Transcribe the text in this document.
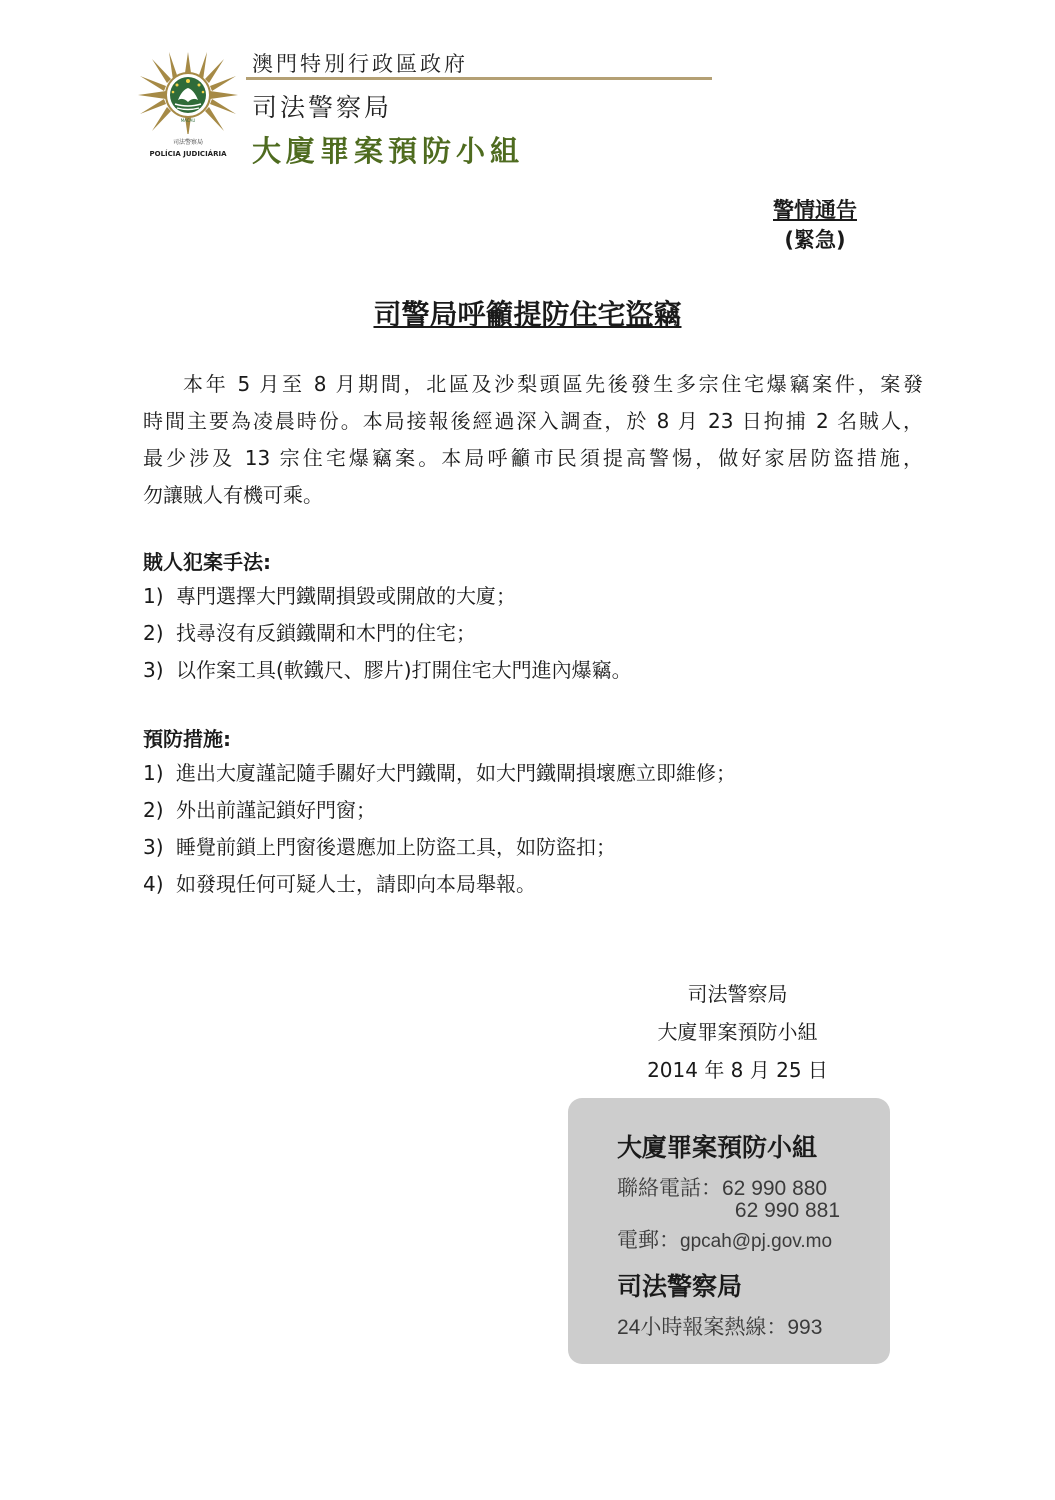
MACAU
司法警察局
POLÍCIA JUDICIÁRIA
澳門特別行政區政府
司法警察局
大廈罪案預防小組
警情通告
(緊急)
司警局呼籲提防住宅盜竊
本年 5 月至 8 月期間，北區及沙梨頭區先後發生多宗住宅爆竊案件，案發
時間主要為凌晨時份。本局接報後經過深入調查，於 8 月 23 日拘捕 2 名賊人，
最少涉及 13 宗住宅爆竊案。本局呼籲市民須提高警惕，做好家居防盜措施，
勿讓賊人有機可乘。
賊人犯案手法:
1) 專門選擇大門鐵閘損毀或開啟的大廈；
2) 找尋沒有反鎖鐵閘和木門的住宅；
3) 以作案工具(軟鐵尺、膠片)打開住宅大門進內爆竊。
預防措施:
1) 進出大廈謹記隨手關好大門鐵閘，如大門鐵閘損壞應立即維修；
2) 外出前謹記鎖好門窗；
3) 睡覺前鎖上門窗後還應加上防盜工具，如防盜扣；
4) 如發現任何可疑人士，請即向本局舉報。
司法警察局
大廈罪案預防小組
2014 年 8 月 25 日
大廈罪案預防小組
聯絡電話：62 990 880
62 990 881
電郵：gpcah@pj.gov.mo
司法警察局
24小時報案熱線：993
